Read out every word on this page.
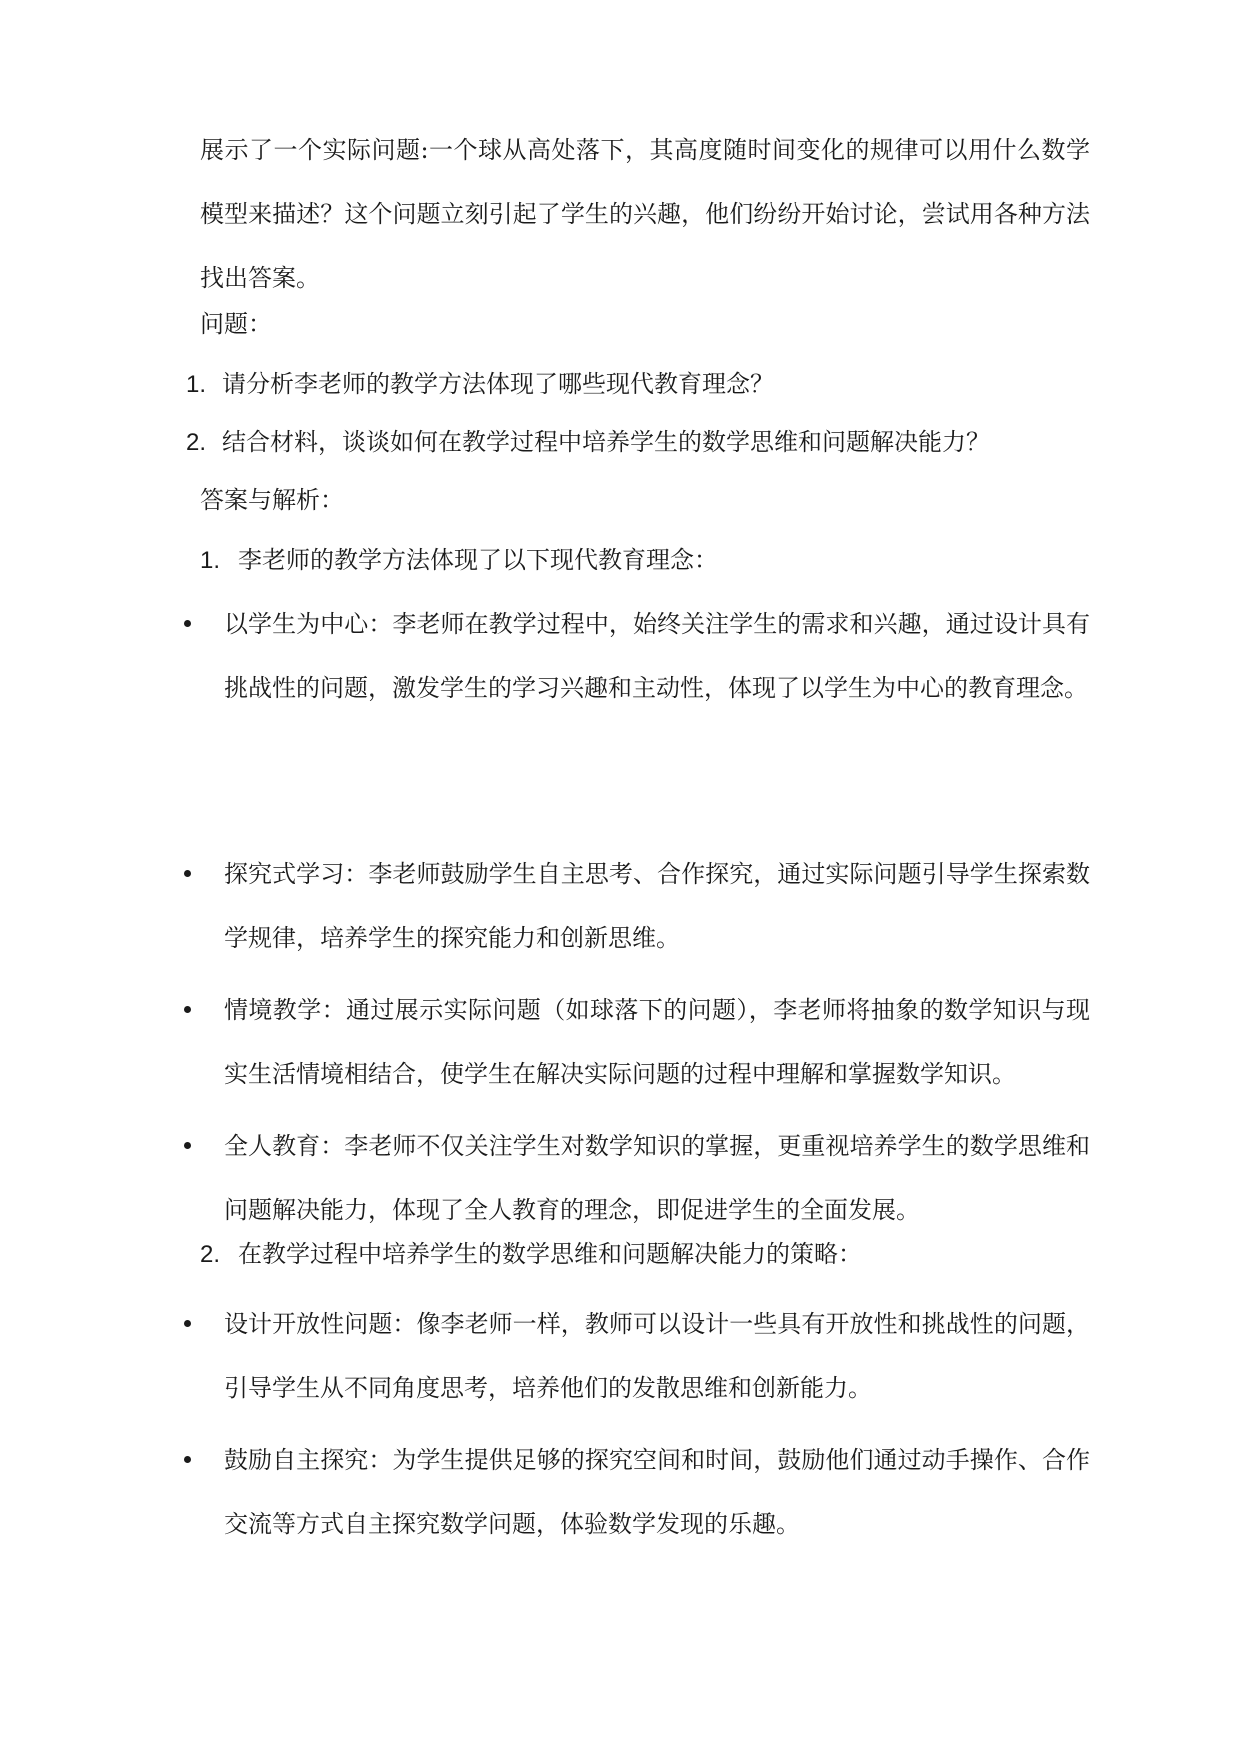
展示了一个实际问题:一个球从高处落下，其高度随时间变化的规律可以用什么数学模型来描述？这个问题立刻引起了学生的兴趣，他们纷纷开始讨论，尝试用各种方法找出答案。

问题：

1. 请分析李老师的教学方法体现了哪些现代教育理念？
2. 结合材料，谈谈如何在教学过程中培养学生的数学思维和问题解决能力？

答案与解析：

1. 李老师的教学方法体现了以下现代教育理念：

以学生为中心：李老师在教学过程中，始终关注学生的需求和兴趣，通过设计具有挑战性的问题，激发学生的学习兴趣和主动性，体现了以学生为中心的教育理念。

探究式学习：李老师鼓励学生自主思考、合作探究，通过实际问题引导学生探索数学规律，培养学生的探究能力和创新思维。

情境教学：通过展示实际问题（如球落下的问题），李老师将抽象的数学知识与现实生活情境相结合，使学生在解决实际问题的过程中理解和掌握数学知识。

全人教育：李老师不仅关注学生对数学知识的掌握，更重视培养学生的数学思维和问题解决能力，体现了全人教育的理念，即促进学生的全面发展。

2. 在教学过程中培养学生的数学思维和问题解决能力的策略：

设计开放性问题：像李老师一样，教师可以设计一些具有开放性和挑战性的问题，引导学生从不同角度思考，培养他们的发散思维和创新能力。

鼓励自主探究：为学生提供足够的探究空间和时间，鼓励他们通过动手操作、合作交流等方式自主探究数学问题，体验数学发现的乐趣。
